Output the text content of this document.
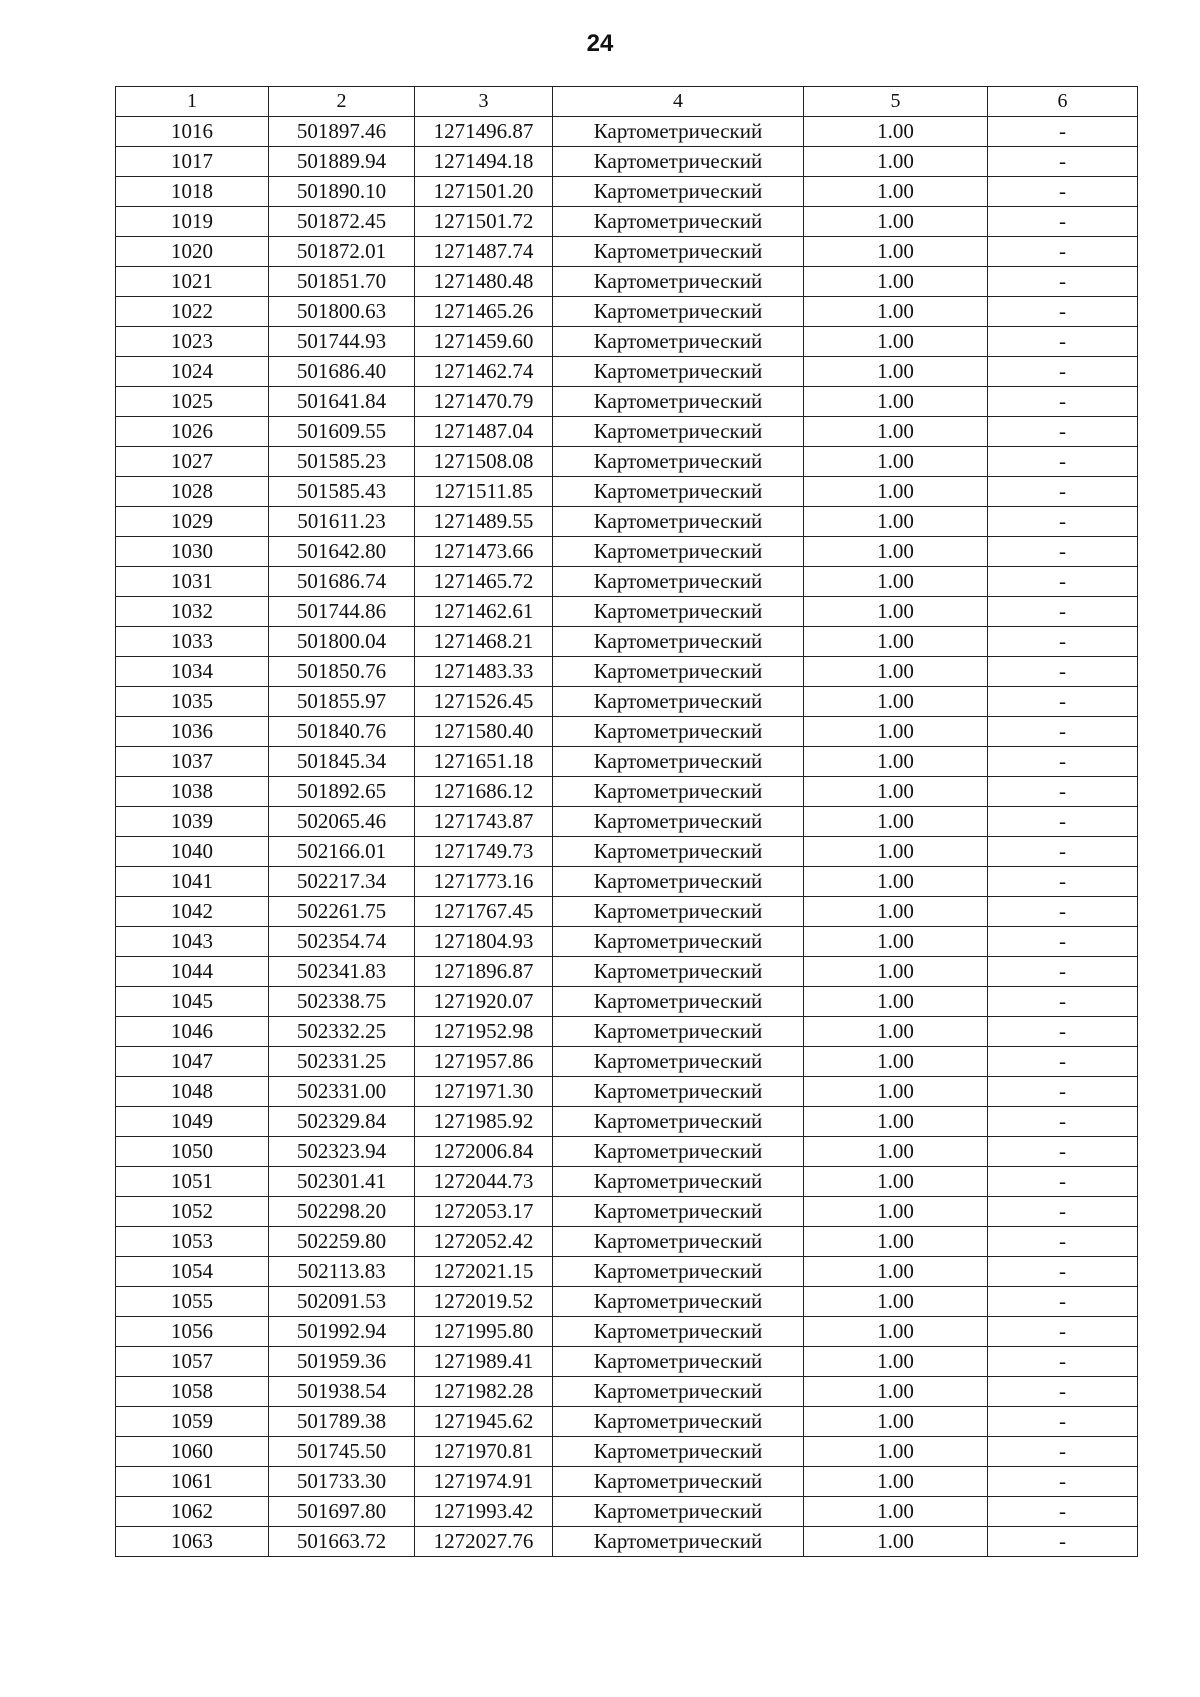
24
1	2	3	4	5	6
1016	501897.46	1271496.87	Картометрический	1.00	-
1017	501889.94	1271494.18	Картометрический	1.00	-
1018	501890.10	1271501.20	Картометрический	1.00	-
1019	501872.45	1271501.72	Картометрический	1.00	-
1020	501872.01	1271487.74	Картометрический	1.00	-
1021	501851.70	1271480.48	Картометрический	1.00	-
1022	501800.63	1271465.26	Картометрический	1.00	-
1023	501744.93	1271459.60	Картометрический	1.00	-
1024	501686.40	1271462.74	Картометрический	1.00	-
1025	501641.84	1271470.79	Картометрический	1.00	-
1026	501609.55	1271487.04	Картометрический	1.00	-
1027	501585.23	1271508.08	Картометрический	1.00	-
1028	501585.43	1271511.85	Картометрический	1.00	-
1029	501611.23	1271489.55	Картометрический	1.00	-
1030	501642.80	1271473.66	Картометрический	1.00	-
1031	501686.74	1271465.72	Картометрический	1.00	-
1032	501744.86	1271462.61	Картометрический	1.00	-
1033	501800.04	1271468.21	Картометрический	1.00	-
1034	501850.76	1271483.33	Картометрический	1.00	-
1035	501855.97	1271526.45	Картометрический	1.00	-
1036	501840.76	1271580.40	Картометрический	1.00	-
1037	501845.34	1271651.18	Картометрический	1.00	-
1038	501892.65	1271686.12	Картометрический	1.00	-
1039	502065.46	1271743.87	Картометрический	1.00	-
1040	502166.01	1271749.73	Картометрический	1.00	-
1041	502217.34	1271773.16	Картометрический	1.00	-
1042	502261.75	1271767.45	Картометрический	1.00	-
1043	502354.74	1271804.93	Картометрический	1.00	-
1044	502341.83	1271896.87	Картометрический	1.00	-
1045	502338.75	1271920.07	Картометрический	1.00	-
1046	502332.25	1271952.98	Картометрический	1.00	-
1047	502331.25	1271957.86	Картометрический	1.00	-
1048	502331.00	1271971.30	Картометрический	1.00	-
1049	502329.84	1271985.92	Картометрический	1.00	-
1050	502323.94	1272006.84	Картометрический	1.00	-
1051	502301.41	1272044.73	Картометрический	1.00	-
1052	502298.20	1272053.17	Картометрический	1.00	-
1053	502259.80	1272052.42	Картометрический	1.00	-
1054	502113.83	1272021.15	Картометрический	1.00	-
1055	502091.53	1272019.52	Картометрический	1.00	-
1056	501992.94	1271995.80	Картометрический	1.00	-
1057	501959.36	1271989.41	Картометрический	1.00	-
1058	501938.54	1271982.28	Картометрический	1.00	-
1059	501789.38	1271945.62	Картометрический	1.00	-
1060	501745.50	1271970.81	Картометрический	1.00	-
1061	501733.30	1271974.91	Картометрический	1.00	-
1062	501697.80	1271993.42	Картометрический	1.00	-
1063	501663.72	1272027.76	Картометрический	1.00	-
